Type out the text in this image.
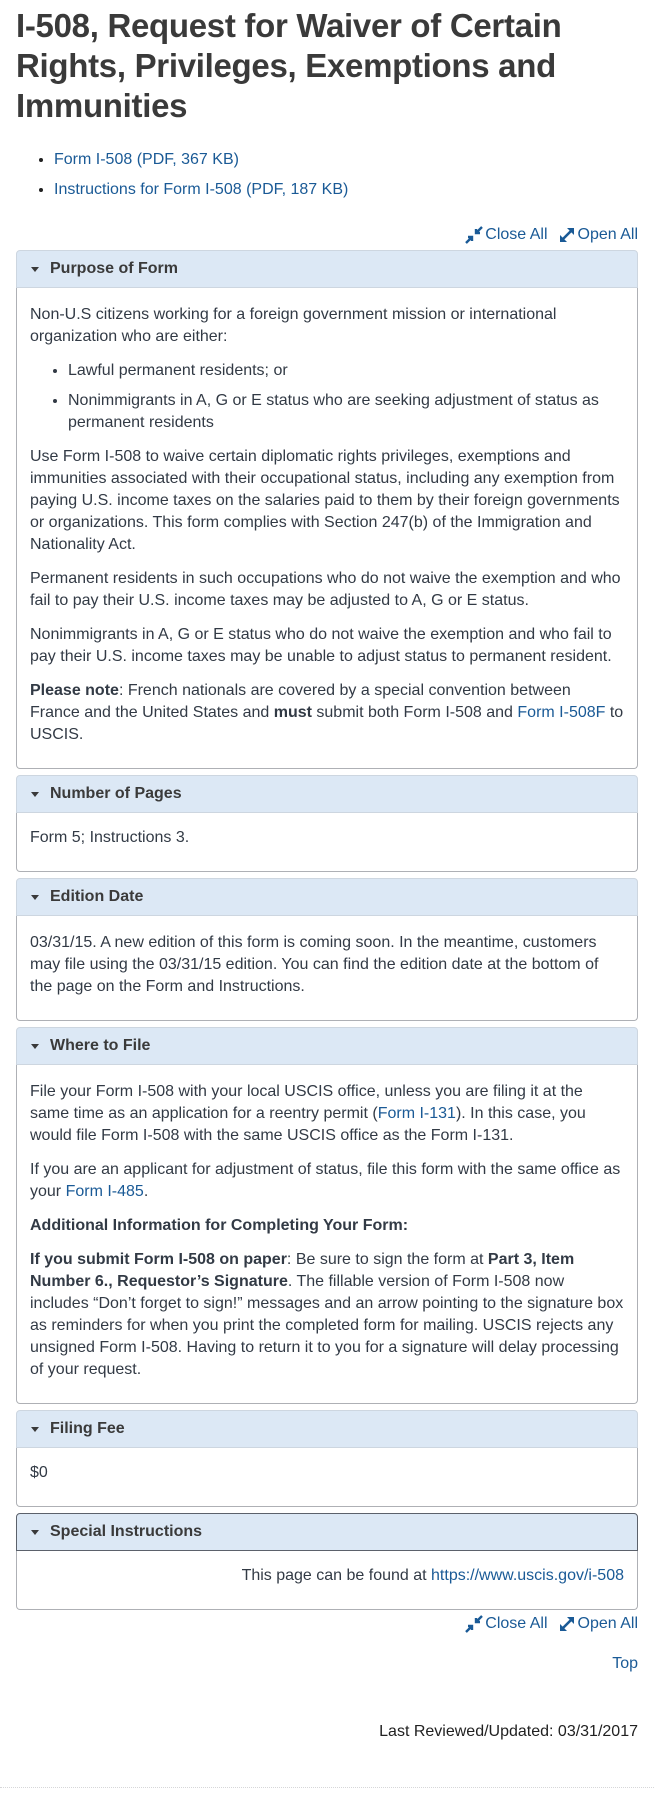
I-508, Request for Waiver of Certain Rights, Privileges, Exemptions and Immunities
• Form I-508 (PDF, 367 KB)
• Instructions for Form I-508 (PDF, 187 KB)
Close All Open All
Purpose of Form

Non-U.S citizens working for a foreign government mission or international organization who are either:

• Lawful permanent residents; or
• Nonimmigrants in A, G or E status who are seeking adjustment of status as permanent residents

Use Form I-508 to waive certain diplomatic rights privileges, exemptions and immunities associated with their occupational status, including any exemption from paying U.S. income taxes on the salaries paid to them by their foreign governments or organizations. This form complies with Section 247(b) of the Immigration and Nationality Act.

Permanent residents in such occupations who do not waive the exemption and who fail to pay their U.S. income taxes may be adjusted to A, G or E status.

Nonimmigrants in A, G or E status who do not waive the exemption and who fail to pay their U.S. income taxes may be unable to adjust status to permanent resident.

Please note: French nationals are covered by a special convention between France and the United States and must submit both Form I-508 and Form I-508F to USCIS.

Number of Pages

Form 5; Instructions 3.

Edition Date

03/31/15. A new edition of this form is coming soon. In the meantime, customers may file using the 03/31/15 edition. You can find the edition date at the bottom of the page on the Form and Instructions.

Where to File

File your Form I-508 with your local USCIS office, unless you are filing it at the same time as an application for a reentry permit (Form I-131). In this case, you would file Form I-508 with the same USCIS office as the Form I-131.

If you are an applicant for adjustment of status, file this form with the same office as your Form I-485.

Additional Information for Completing Your Form:

If you submit Form I-508 on paper: Be sure to sign the form at Part 3, Item Number 6., Requestor’s Signature. The fillable version of Form I-508 now includes “Don’t forget to sign!” messages and an arrow pointing to the signature box as reminders for when you print the completed form for mailing. USCIS rejects any unsigned Form I-508. Having to return it to you for a signature will delay processing of your request.

Filing Fee

$0

Special Instructions

This page can be found at https://www.uscis.gov/i-508

Close All Open All
Top
Last Reviewed/Updated: 03/31/2017
